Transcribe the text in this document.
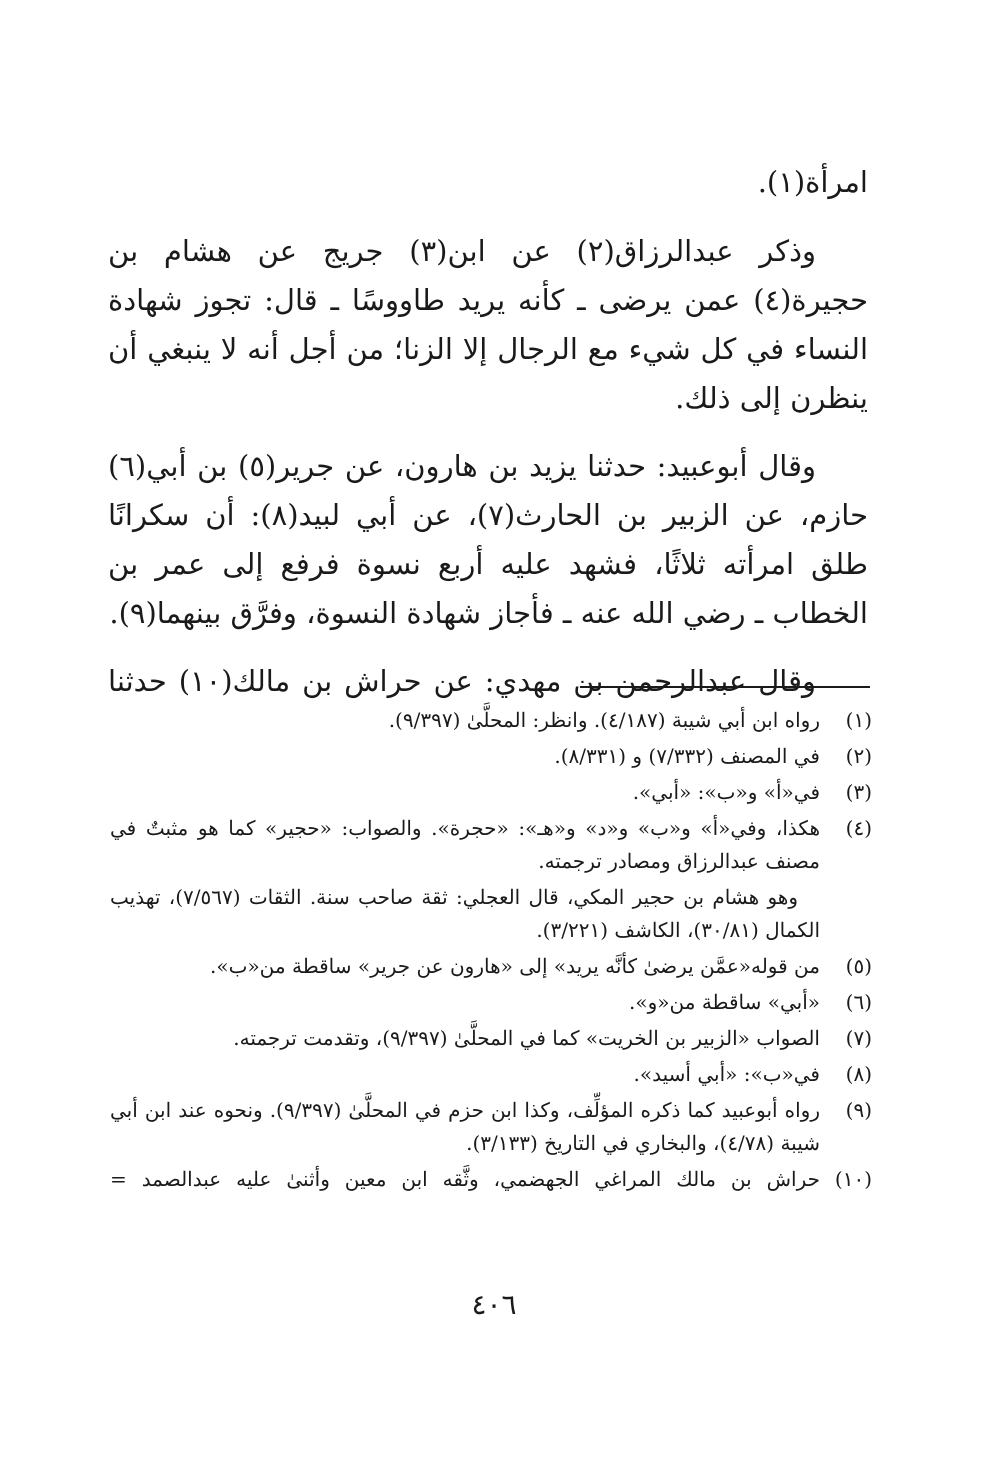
امرأة(١).

وذكر عبدالرزاق(٢) عن ابن(٣) جريج عن هشام بن حجيرة(٤) عمن يرضى ـ كأنه يريد طاووسًا ـ قال: تجوز شهادة النساء في كل شيء مع الرجال إلا الزنا؛ من أجل أنه لا ينبغي أن ينظرن إلى ذلك.

وقال أبوعبيد: حدثنا يزيد بن هارون، عن جرير(٥) بن أبي(٦) حازم، عن الزبير بن الحارث(٧)، عن أبي لبيد(٨): أن سكرانًا طلق امرأته ثلاثًا، فشهد عليه أربع نسوة فرفع إلى عمر بن الخطاب ـ رضي الله عنه ـ فأجاز شهادة النسوة، وفرَّق بينهما(٩).

وقال عبدالرحمن بن مهدي: عن حراش بن مالك(١٠) حدثنا

(١)
رواه ابن أبي شيبة (٤/١٨٧). وانظر: المحلَّىٰ (٩/٣٩٧).
(٢)
في المصنف (٧/٣٣٢) و (٨/٣٣١).
(٣)
في«أ» و«ب»: «أبي».
(٤)
هكذا، وفي«أ» و«ب» و«د» و«هـ»: «حجرة». والصواب: «حجير» كما هو مثبتٌ في مصنف عبدالرزاق ومصادر ترجمته.

وهو هشام بن حجير المكي، قال العجلي: ثقة صاحب سنة. الثقات (٧/٥٦٧)، تهذيب الكمال (٣٠/٨١)، الكاشف (٣/٢٢١).

(٥)
من قوله«عمَّن يرضىٰ كأنَّه يريد» إلى «هارون عن جرير» ساقطة من«ب».
(٦)
«أبي» ساقطة من«و».
(٧)
الصواب «الزبير بن الخريت» كما في المحلَّىٰ (٩/٣٩٧)، وتقدمت ترجمته.
(٨)
في«ب»: «أبي أسيد».
(٩)
رواه أبوعبيد كما ذكره المؤلِّف، وكذا ابن حزم في المحلَّىٰ (٩/٣٩٧). ونحوه عند ابن أبي شيبة (٤/٧٨)، والبخاري في التاريخ (٣/١٣٣).
(١٠)
حراش بن مالك المراغي الجهضمي، وثَّقه ابن معين وأثنىٰ عليه عبدالصمد =
٤٠٦
